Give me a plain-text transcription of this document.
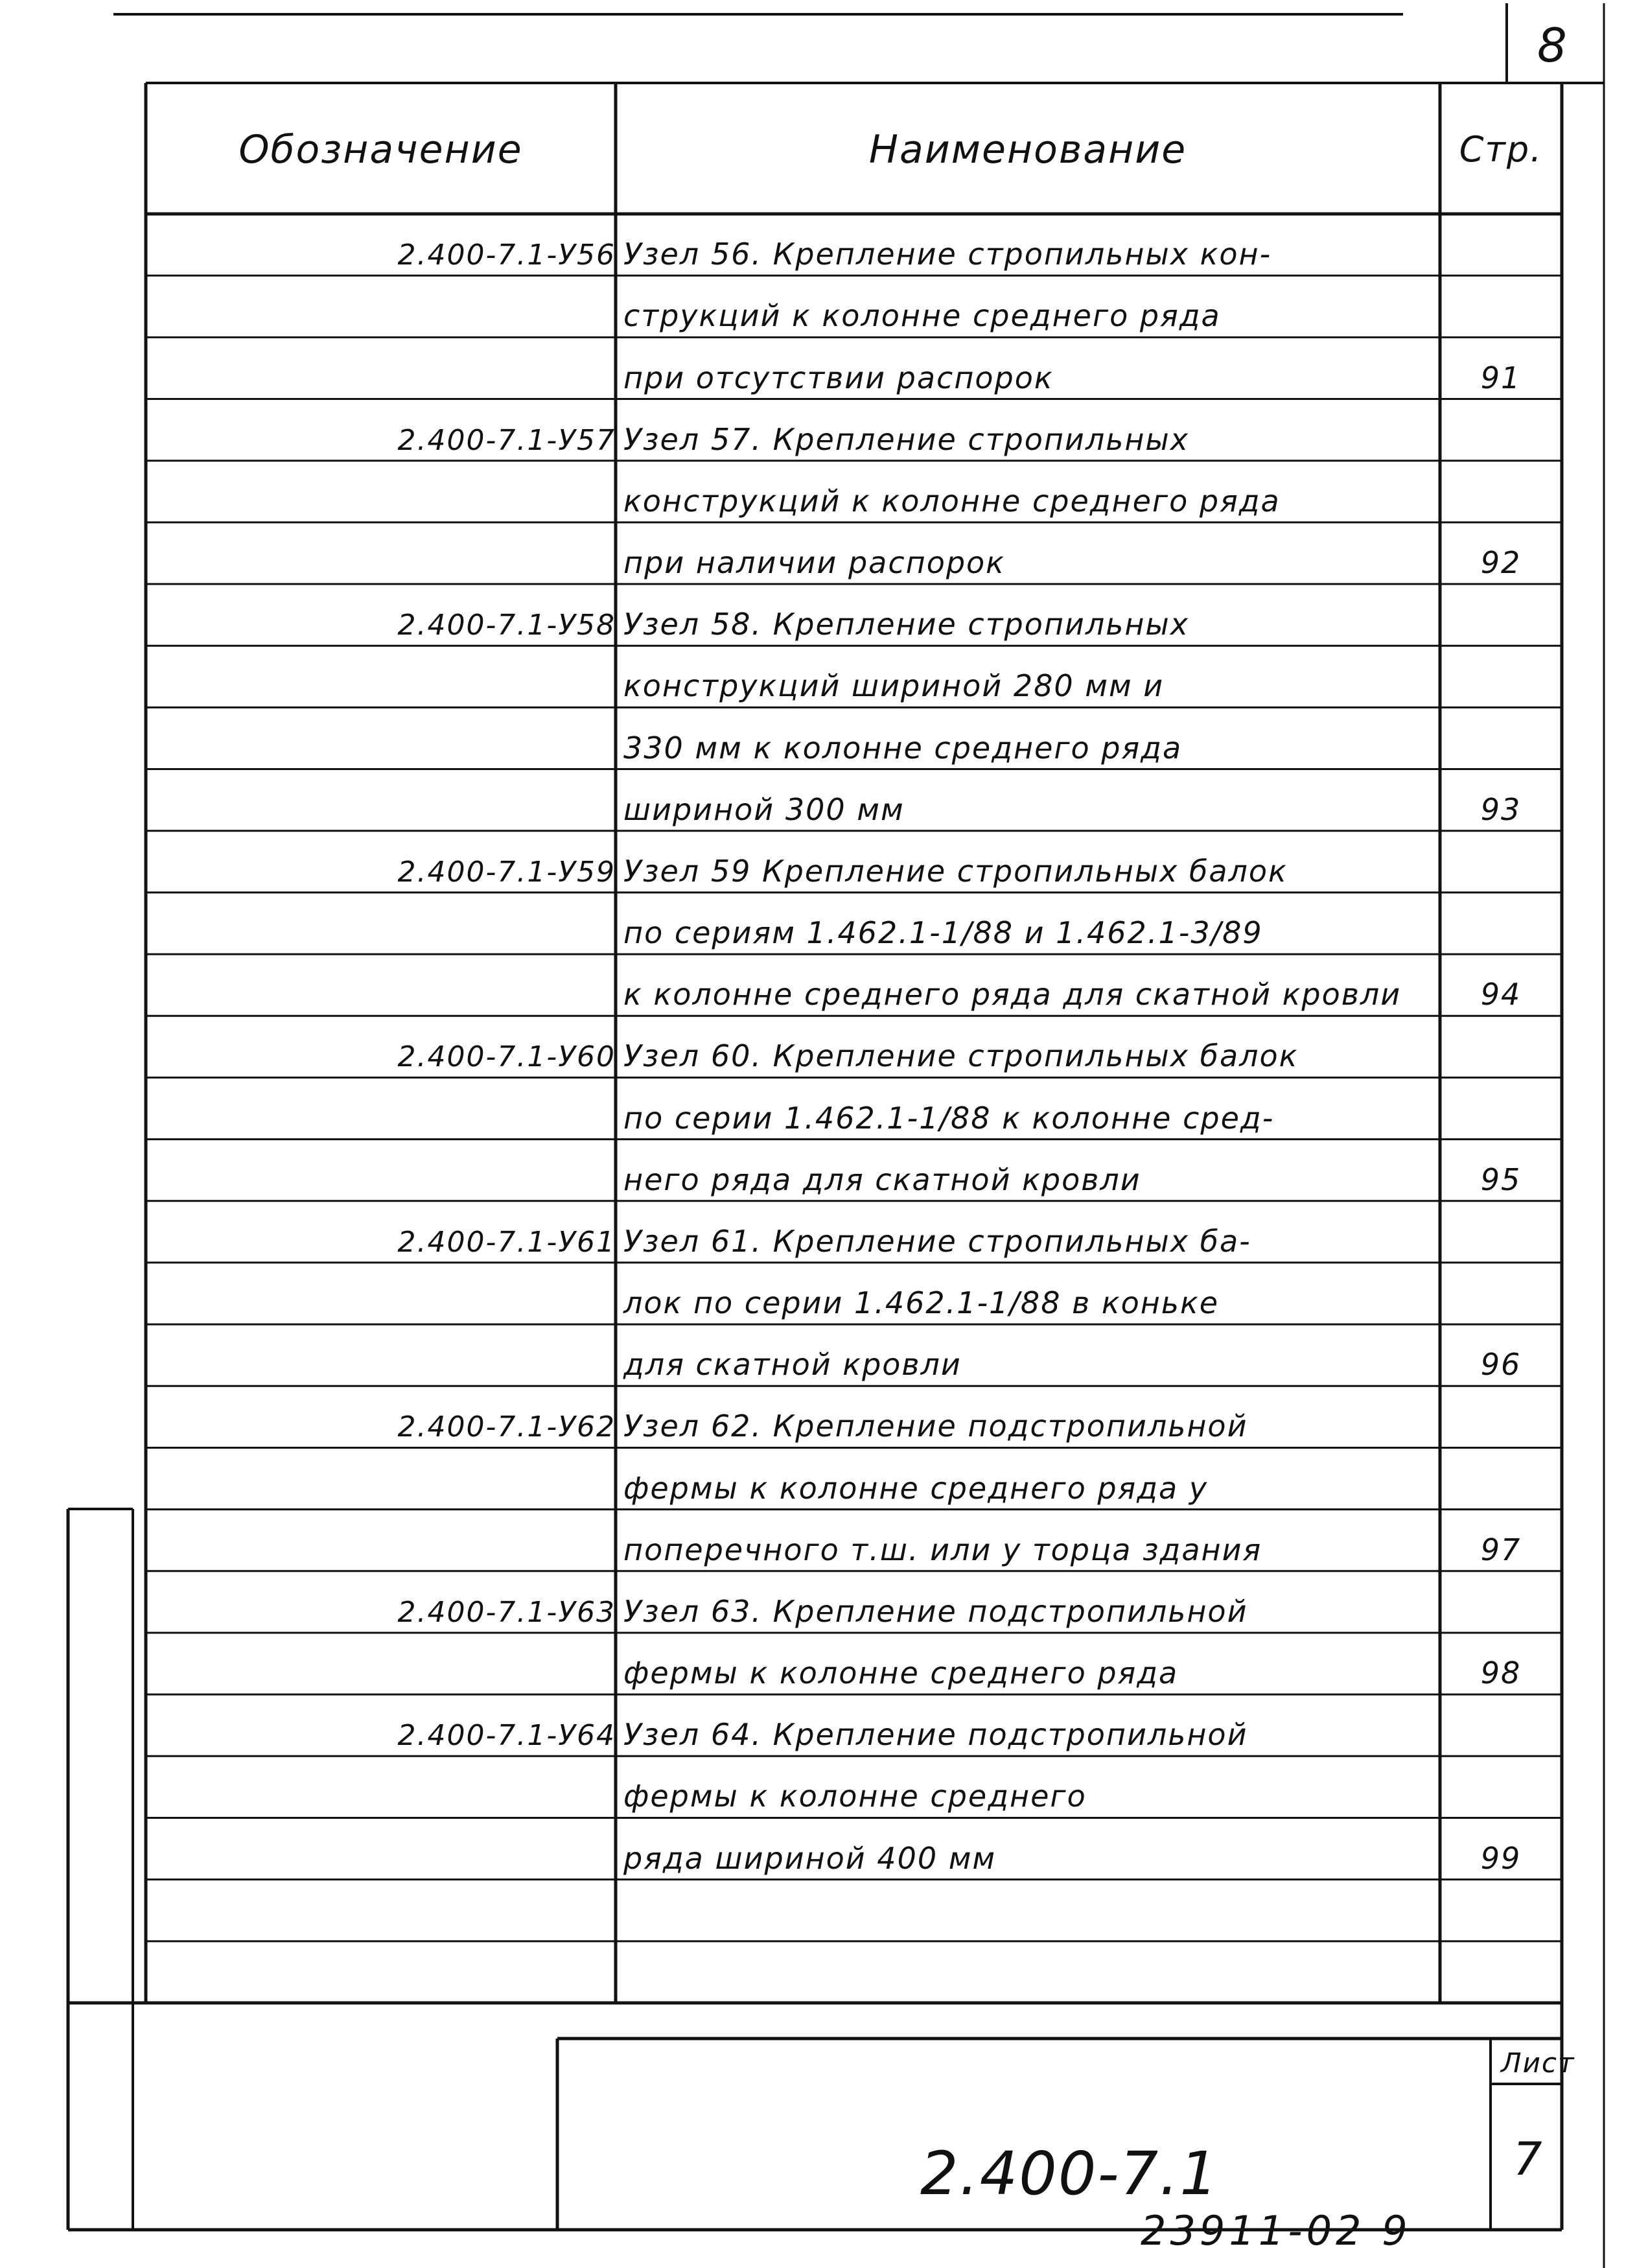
8
Обозначение	Наименование	Стр.
2.400-7.1-У56 Узел 56. Крепление стропильных кон-
струкций к колонне среднего ряда
при отсутствии распорок	91
2.400-7.1-У57 Узел 57. Крепление стропильных
конструкций к колонне среднего ряда
при наличии распорок	92
2.400-7.1-У58 Узел 58. Крепление стропильных
конструкций шириной 280 мм и
330 мм к колонне среднего ряда
шириной 300 мм	93
2.400-7.1-У59 Узел 59 Крепление стропильных балок
по сериям 1.462.1-1/88 и 1.462.1-3/89
к колонне среднего ряда для скатной кровли	94
2.400-7.1-У60 Узел 60. Крепление стропильных балок
по серии 1.462.1-1/88 к колонне сред-
него ряда для скатной кровли	95
2.400-7.1-У61 Узел 61. Крепление стропильных ба-
лок по серии 1.462.1-1/88 в коньке
для скатной кровли	96
2.400-7.1-У62 Узел 62. Крепление подстропильной
фермы к колонне среднего ряда у
поперечного т.ш. или у торца здания	97
2.400-7.1-У63 Узел 63. Крепление подстропильной
фермы к колонне среднего ряда	98
2.400-7.1-У64 Узел 64. Крепление подстропильной
фермы к колонне среднего
ряда шириной 400 мм	99
2.400-7.1
Лист
7
23911-02 9
